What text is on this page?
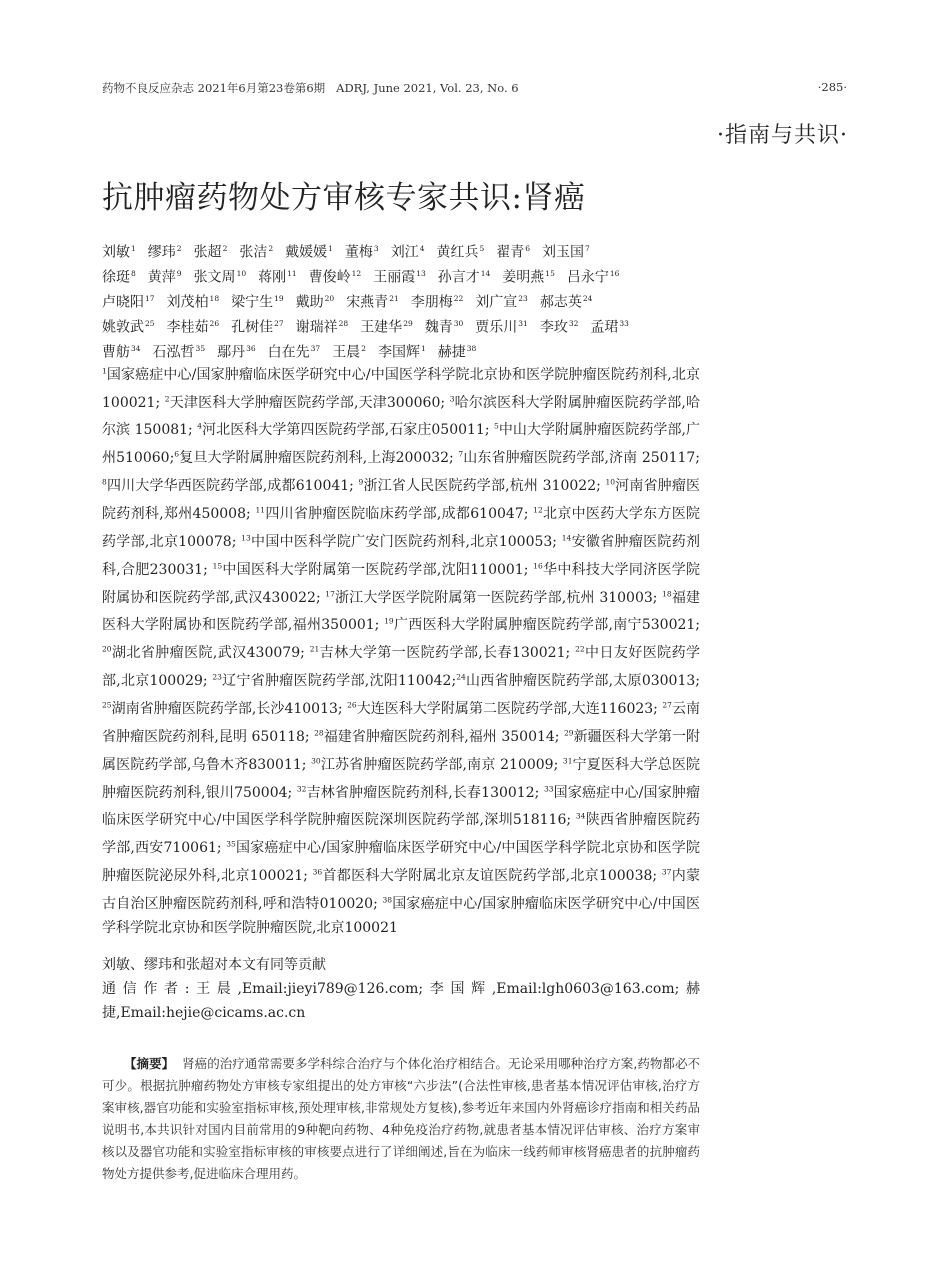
药物不良反应杂志 2021年6月第23卷第6期 ADRJ, June 2021, Vol. 23, No. 6	·285·
·指南与共识·
抗肿瘤药物处方审核专家共识:肾癌
刘敏$^1$ 缪玮$^2$ 张超$^2$ 张洁$^2$ 戴媛媛$^1$ 董梅$^3$ 刘江$^4$ 黄红兵$^5$ 翟青$^6$ 刘玉国$^7$
徐珽$^8$ 黄萍$^9$ 张文周$^{10}$ 蒋刚$^{11}$ 曹俊岭$^{12}$ 王丽霞$^{13}$ 孙言才$^{14}$ 姜明燕$^{15}$ 吕永宁$^{16}$
卢晓阳$^{17}$ 刘茂柏$^{18}$ 梁宁生$^{19}$ 戴助$^{20}$ 宋燕青$^{21}$ 李朋梅$^{22}$ 刘广宣$^{23}$ 郝志英$^{24}$
姚敦武$^{25}$ 李桂茹$^{26}$ 孔树佳$^{27}$ 谢瑞祥$^{28}$ 王建华$^{29}$ 魏青$^{30}$ 贾乐川$^{31}$ 李玫$^{32}$ 孟珺$^{33}$
曹舫$^{34}$ 石泓哲$^{35}$ 鄢丹$^{36}$ 白在先$^{37}$ 王晨$^2$ 李国辉$^1$ 赫捷$^{38}$
$^1$国家癌症中心/国家肿瘤临床医学研究中心/中国医学科学院北京协和医学院肿瘤医院药剂科,北京100021; $^2$天津医科大学肿瘤医院药学部,天津300060; $^3$哈尔滨医科大学附属肿瘤医院药学部,哈尔滨 150081; $^4$河北医科大学第四医院药学部,石家庄050011; $^5$中山大学附属肿瘤医院药学部,广州510060;$^6$复旦大学附属肿瘤医院药剂科,上海200032; $^7$山东省肿瘤医院药学部,济南 250117; $^8$四川大学华西医院药学部,成都610041; $^9$浙江省人民医院药学部,杭州 310022; $^{10}$河南省肿瘤医院药剂科,郑州450008; $^{11}$四川省肿瘤医院临床药学部,成都610047; $^{12}$北京中医药大学东方医院药学部,北京100078; $^{13}$中国中医科学院广安门医院药剂科,北京100053; $^{14}$安徽省肿瘤医院药剂科,合肥230031; $^{15}$中国医科大学附属第一医院药学部,沈阳110001; $^{16}$华中科技大学同济医学院附属协和医院药学部,武汉430022; $^{17}$浙江大学医学院附属第一医院药学部,杭州 310003; $^{18}$福建医科大学附属协和医院药学部,福州350001; $^{19}$广西医科大学附属肿瘤医院药学部,南宁530021; $^{20}$湖北省肿瘤医院,武汉430079; $^{21}$吉林大学第一医院药学部,长春130021; $^{22}$中日友好医院药学部,北京100029; $^{23}$辽宁省肿瘤医院药学部,沈阳110042;$^{24}$山西省肿瘤医院药学部,太原030013; $^{25}$湖南省肿瘤医院药学部,长沙410013; $^{26}$大连医科大学附属第二医院药学部,大连116023; $^{27}$云南省肿瘤医院药剂科,昆明 650118; $^{28}$福建省肿瘤医院药剂科,福州 350014; $^{29}$新疆医科大学第一附属医院药学部,乌鲁木齐830011; $^{30}$江苏省肿瘤医院药学部,南京 210009; $^{31}$宁夏医科大学总医院肿瘤医院药剂科,银川750004; $^{32}$吉林省肿瘤医院药剂科,长春130012; $^{33}$国家癌症中心/国家肿瘤临床医学研究中心/中国医学科学院肿瘤医院深圳医院药学部,深圳518116; $^{34}$陕西省肿瘤医院药学部,西安710061; $^{35}$国家癌症中心/国家肿瘤临床医学研究中心/中国医学科学院北京协和医学院肿瘤医院泌尿外科,北京100021; $^{36}$首都医科大学附属北京友谊医院药学部,北京100038; $^{37}$内蒙古自治区肿瘤医院药剂科,呼和浩特010020; $^{38}$国家癌症中心/国家肿瘤临床医学研究中心/中国医学科学院北京协和医学院肿瘤医院,北京100021
刘敏、缪玮和张超对本文有同等贡献
通信作者:王晨,Email:jieyi789@126.com;李国辉,Email:lgh0603@163.com;赫捷,Email:hejie@cicams.ac.cn
【摘要】 肾癌的治疗通常需要多学科综合治疗与个体化治疗相结合。无论采用哪种治疗方案,药物都必不可少。根据抗肿瘤药物处方审核专家组提出的处方审核“六步法”(合法性审核,患者基本情况评估审核,治疗方案审核,器官功能和实验室指标审核,预处理审核,非常规处方复核),参考近年来国内外肾癌诊疗指南和相关药品说明书,本共识针对国内目前常用的9种靶向药物、4种免疫治疗药物,就患者基本情况评估审核、治疗方案审核以及器官功能和实验室指标审核的审核要点进行了详细阐述,旨在为临床一线药师审核肾癌患者的抗肿瘤药物处方提供参考,促进临床合理用药。
